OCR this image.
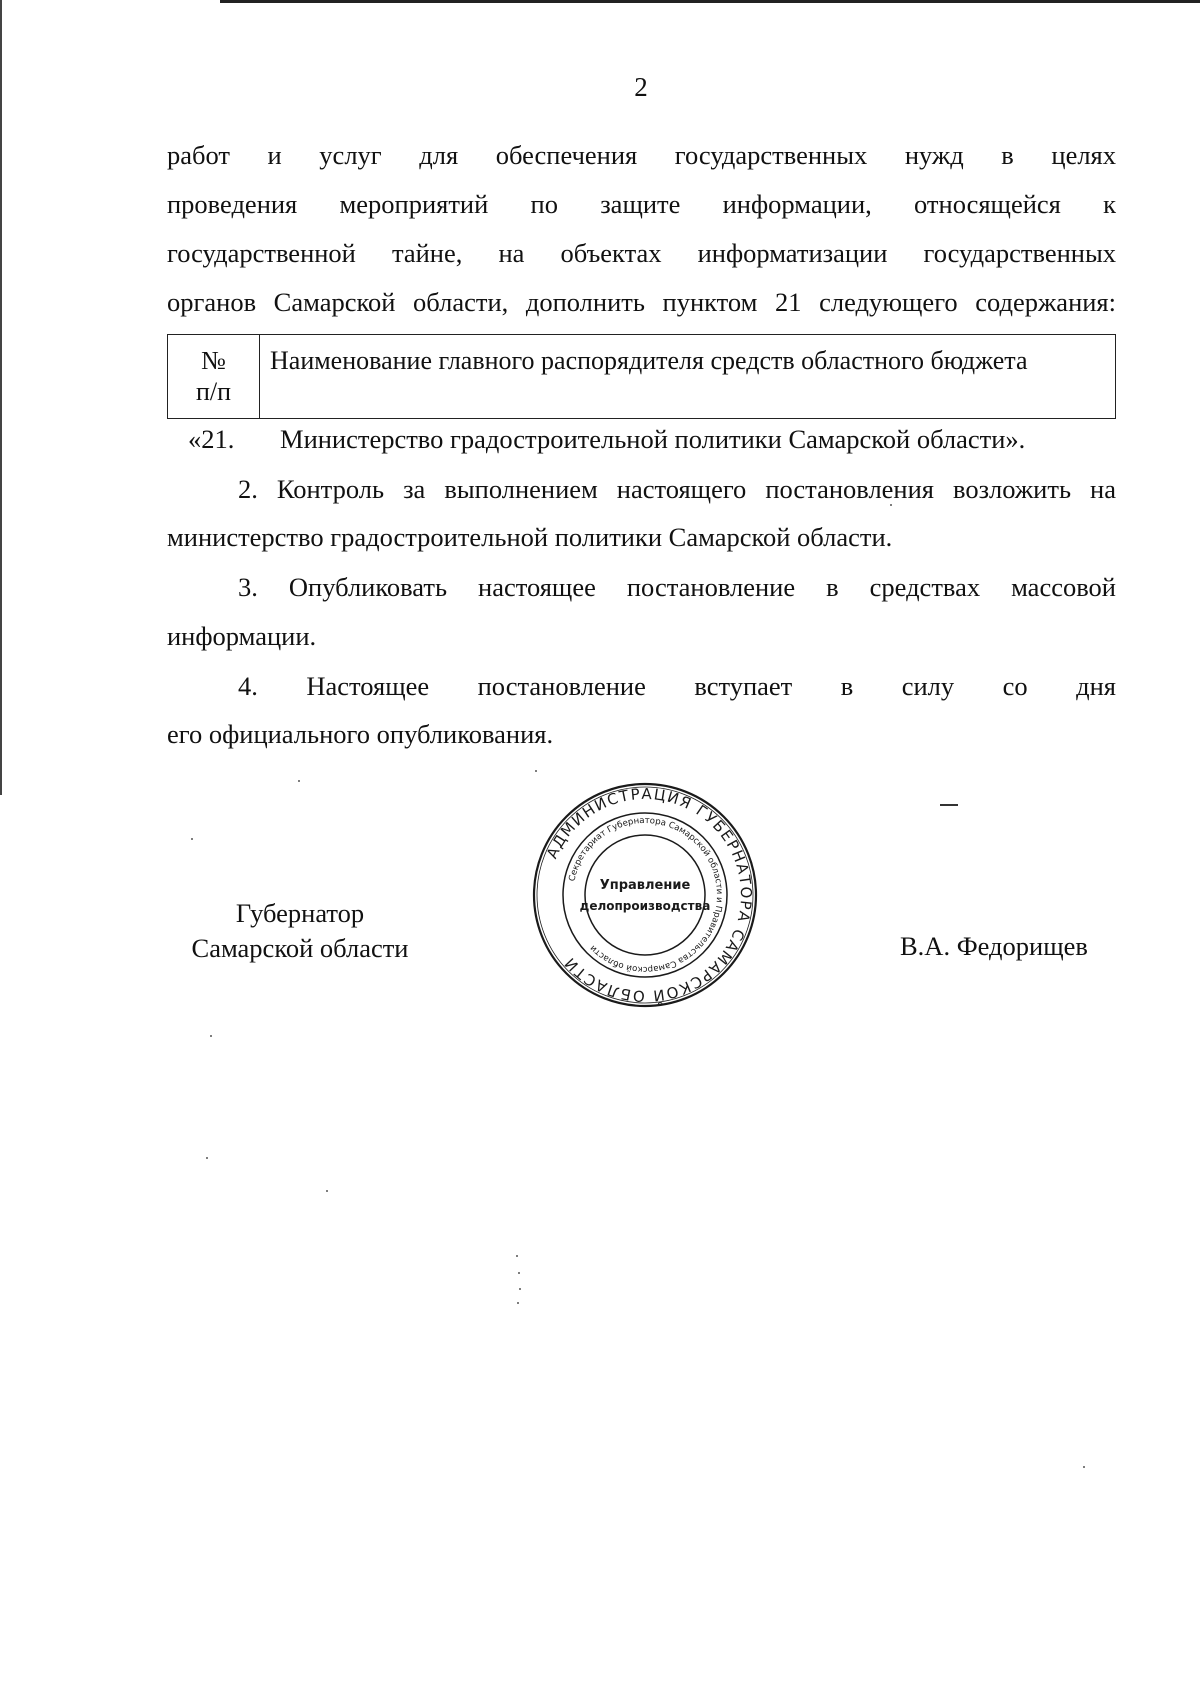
2
работ и услуг для обеспечения государственных нужд в целях
проведения мероприятий по защите информации, относящейся к
государственной тайне, на объектах информатизации государственных
органов Самарской области, дополнить пунктом 21 следующего содержания:
№
п/п
Наименование главного распорядителя средств областного бюджета
«21. Министерство градостроительной политики Самарской области».
2. Контроль за выполнением настоящего постановления возложить на
министерство градостроительной политики Самарской области.
3. Опубликовать настоящее постановление в средствах массовой
информации.
4. Настоящее постановление вступает в силу со дня
его официального опубликования.
Губернатор
Самарской области	В.А. Федорищев
АДМИНИСТРАЦИЯ ГУБЕРНАТОРА САМАРСКОЙ ОБЛАСТИ
Секретариат Губернатора Самарской области и Правительства Самарской области
Управление
делопроизводства
